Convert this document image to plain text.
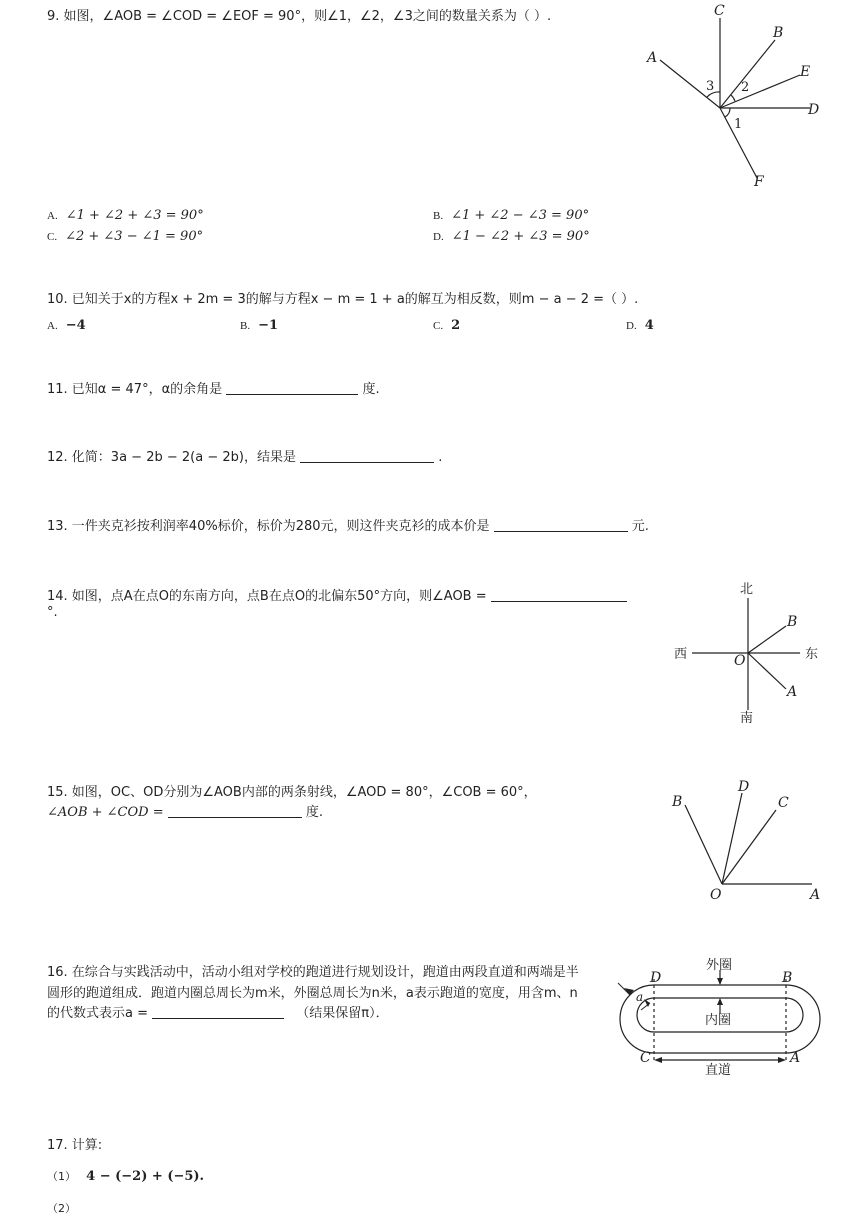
9. 如图，∠AOB = ∠COD = ∠EOF = 90°，则∠1，∠2，∠3之间的数量关系为（ ）.	C
B
E
A
D
F
3 2
1
A. ∠1 + ∠2 + ∠3 = 90°	B. ∠1 + ∠2 − ∠3 = 90°
C. ∠2 + ∠3 − ∠1 = 90°	D. ∠1 − ∠2 + ∠3 = 90°
10. 已知关于x的方程x + 2m = 3的解与方程x − m = 1 + a的解互为相反数，则m − a − 2 =（ ）.
A. −4	B. −1	C. 2	D. 4
11. 已知α = 47°，α的余角是	度.
12. 化简：3a − 2b − 2(a − 2b)，结果是	.
13. 一件夹克衫按利润率40%标价，标价为280元，则这件夹克衫的成本价是	元.
14. 如图，点A在点O的东南方向，点B在点O的北偏东50°方向，则∠AOB =
°.
北
南
西	东
O
B
A
15. 如图，OC、OD分别为∠AOB内部的两条射线，∠AOD = 80°，∠COB = 60°，
∠AOB + ∠COD =	度.
B
D
C
O	A
16. 在综合与实践活动中，活动小组对学校的跑道进行规划设计，跑道由两段直道和两端是半
圆形的跑道组成．跑道内圈总周长为m米，外圈总周长为n米，a表示跑道的宽度，用含m、n
的代数式表示a =	（结果保留π）．
外圈
内圈
直道
D	B
C	A
a
17. 计算:
（1） 4 − (−2) + (−5).
（2）
